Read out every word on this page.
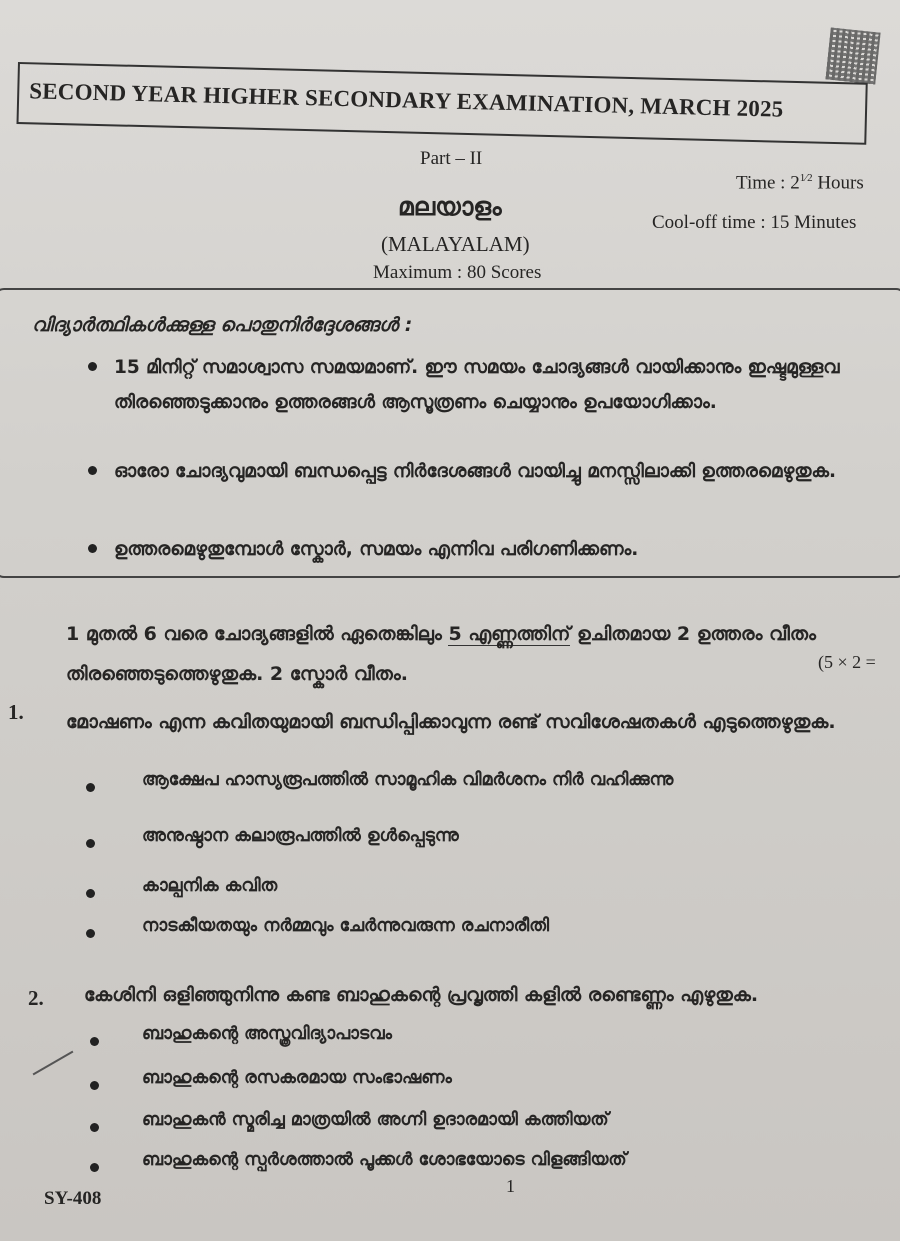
SECOND YEAR HIGHER SECONDARY EXAMINATION, MARCH 2025
Part – II
മലയാളം
(MALAYALAM)
Maximum : 80 Scores
Time : $2^{1⁄2}$ Hours
Cool-off time : 15 Minutes
വിദ്യാർത്ഥികൾക്കുള്ള പൊതുനിർദ്ദേശങ്ങൾ :
15 മിനിറ്റ് സമാശ്വാസ സമയമാണ്. ഈ സമയം ചോദ്യങ്ങൾ വായിക്കാനും ഇഷ്ടമുള്ളവ തിരഞ്ഞെടുക്കാനും ഉത്തരങ്ങൾ ആസൂത്രണം ചെയ്യാനും ഉപയോഗിക്കാം.
ഓരോ ചോദ്യവുമായി ബന്ധപ്പെട്ട നിർദേശങ്ങൾ വായിച്ചു മനസ്സിലാക്കി ഉത്തരമെഴുതുക.
ഉത്തരമെഴുതുമ്പോൾ സ്കോർ, സമയം എന്നിവ പരിഗണിക്കണം.
1 മുതൽ 6 വരെ ചോദ്യങ്ങളിൽ ഏതെങ്കിലും 5 എണ്ണത്തിന് ഉചിതമായ 2 ഉത്തരം വീതം തിരഞ്ഞെടുത്തെഴുതുക. 2 സ്കോർ വീതം.
(5 × 2 =
1. മോഷണം എന്ന കവിതയുമായി ബന്ധിപ്പിക്കാവുന്ന രണ്ട് സവിശേഷതകൾ എടുത്തെഴുതുക.
ആക്ഷേപ ഹാസ്യരൂപത്തിൽ സാമൂഹിക വിമർശനം നിർ വഹിക്കുന്നു
അനുഷ്ഠാന കലാരൂപത്തിൽ ഉൾപ്പെടുന്നു
കാല്പനിക കവിത
നാടകീയതയും നർമ്മവും ചേർന്നുവരുന്ന രചനാരീതി
2. കേശിനി ഒളിഞ്ഞുനിന്നു കണ്ട ബാഹുകന്റെ പ്രവൃത്തി കളിൽ രണ്ടെണ്ണം എഴുതുക.
ബാഹുകന്റെ അസ്ത്രവിദ്യാപാടവം
ബാഹുകന്റെ രസകരമായ സംഭാഷണം
ബാഹുകൻ സ്മരിച്ച മാത്രയിൽ അഗ്നി ഉദാരമായി കത്തിയത്
ബാഹുകന്റെ സ്പർശത്താൽ പൂക്കൾ ശോഭയോടെ വിളങ്ങിയത്
1
SY-408
